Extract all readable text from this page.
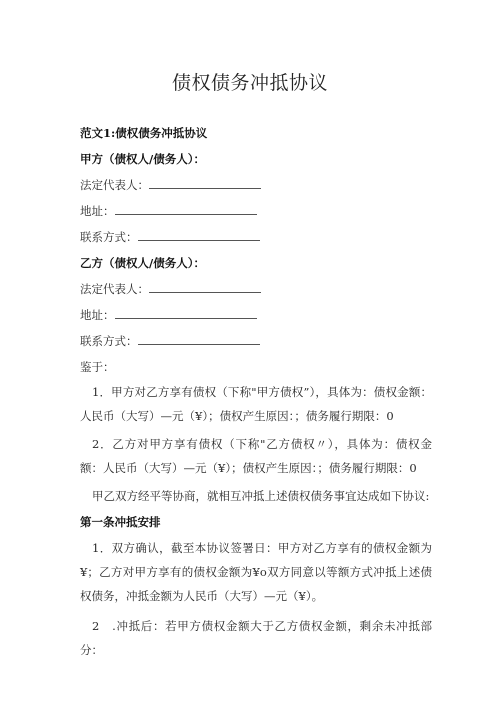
债权债务冲抵协议
范文1:债权债务冲抵协议
甲方（债权人/债务人）：
法定代表人：
地址：
联系方式：
乙方（债权人/债务人）：
法定代表人：
地址：
联系方式：
鉴于：
1．甲方对乙方享有债权（下称"甲方债权”），具体为：债权金额：人民币（大写）—元（¥）；债权产生原因：；债务履行期限：0
2．乙方对甲方享有债权（下称"乙方债权〃），具体为：债权金额：人民币（大写）—元（¥）；债权产生原因：；债务履行期限：0
甲乙双方经平等协商，就相互冲抵上述债权债务事宜达成如下协议:
第一条冲抵安排
1．双方确认，截至本协议签署日：甲方对乙方享有的债权金额为¥；乙方对甲方享有的债权金额为¥o双方同意以等额方式冲抵上述债权债务，冲抵金额为人民币（大写）—元（¥）。
2　.冲抵后：若甲方债权金额大于乙方债权金额，剩余未冲抵部分：
